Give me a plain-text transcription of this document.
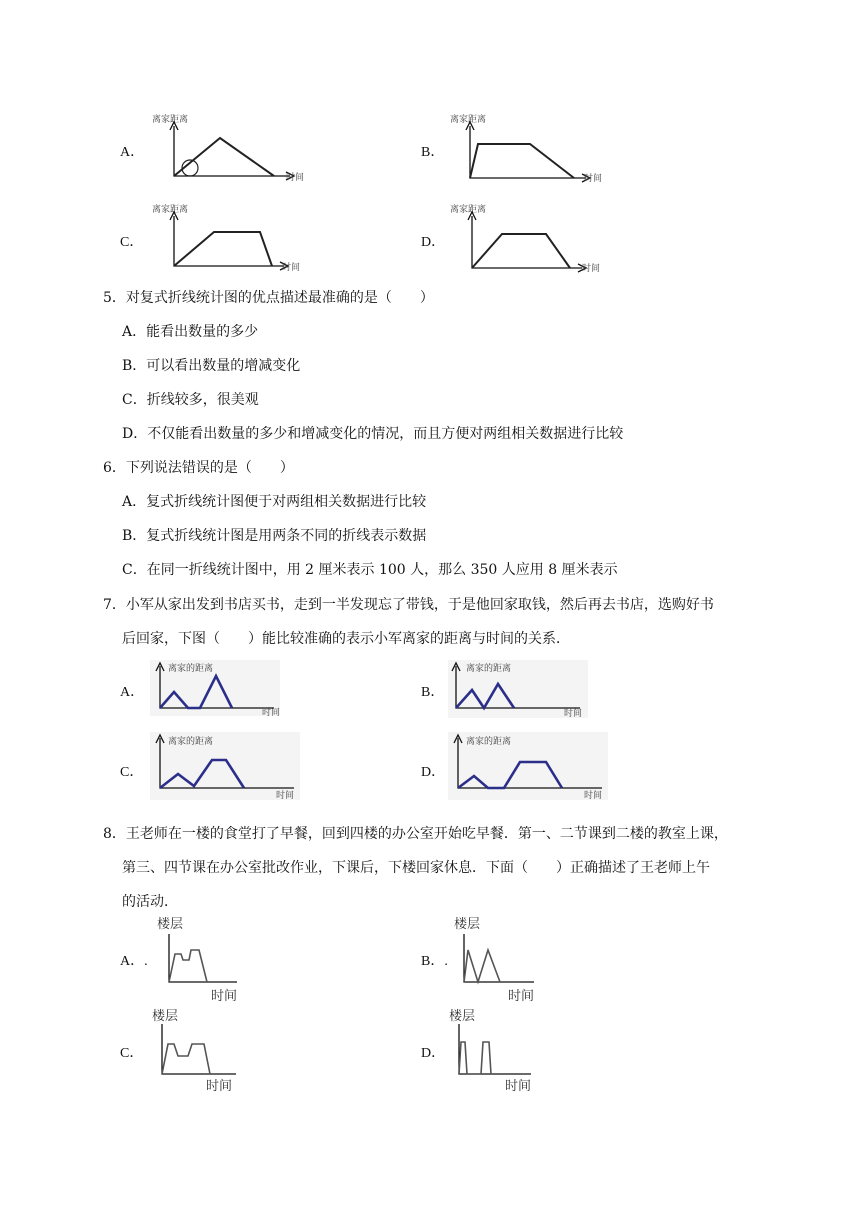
A．
离家距离
时间
B．
离家距离
时间
C．
离家距离
时间
D．
离家距离
时间
5．对复式折线统计图的优点描述最准确的是（　　）
A．能看出数量的多少
B．可以看出数量的增减变化
C．折线较多，很美观
D．不仅能看出数量的多少和增减变化的情况，而且方便对两组相关数据进行比较
6．下列说法错误的是（　　）
A．复式折线统计图便于对两组相关数据进行比较
B．复式折线统计图是用两条不同的折线表示数据
C．在同一折线统计图中，用 2 厘米表示 100 人，那么 350 人应用 8 厘米表示
7．小军从家出发到书店买书，走到一半发现忘了带钱，于是他回家取钱，然后再去书店，选购好书
后回家，下图（　　）能比较准确的表示小军离家的距离与时间的关系．
A．
离家的距离
时间
B．
离家的距离
时间
C．
离家的距离
时间
D．
离家的距离
时间
8．王老师在一楼的食堂打了早餐，回到四楼的办公室开始吃早餐．第一、二节课到二楼的教室上课，
第三、四节课在办公室批改作业，下课后，下楼回家休息．下面（　　）正确描述了王老师上午
的活动．
A．.
楼层
时间
B．.
楼层
时间
C．
楼层
时间
D．
楼层
时间
